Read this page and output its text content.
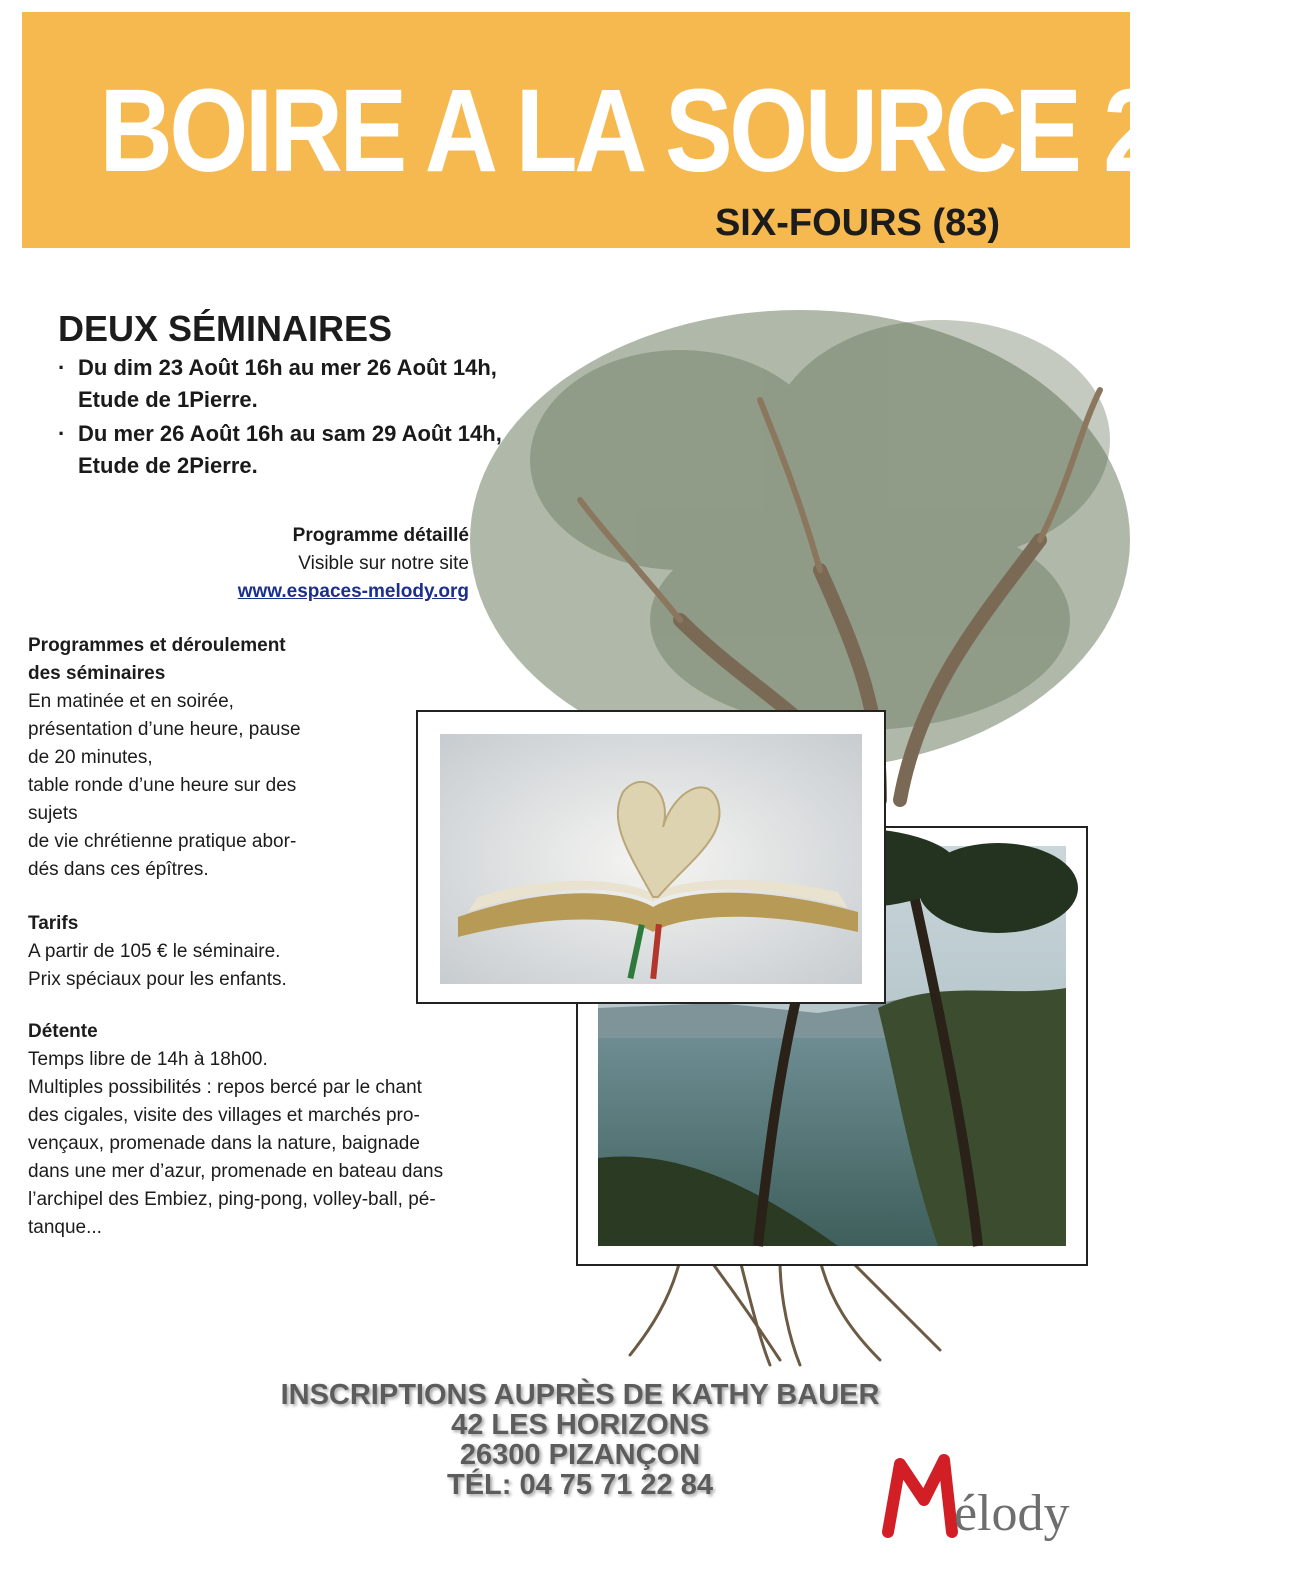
BOIRE A LA SOURCE 2015
SIX-FOURS (83)
DEUX SÉMINAIRES
· Du dim 23 Août 16h au mer 26 Août 14h,
Etude de 1Pierre.
· Du mer 26 Août 16h au sam 29 Août 14h,
Etude de 2Pierre.
Programme détaillé
Visible sur notre site
www.espaces-melody.org
Programmes et déroulement
des séminaires
En matinée et en soirée,
présentation d’une heure, pause
de 20 minutes,
table ronde d’une heure sur des
sujets
de vie chrétienne pratique abor-
dés dans ces épîtres.
Tarifs
A partir de 105 € le séminaire.
Prix spéciaux pour les enfants.
Détente
Temps libre de 14h à 18h00.
Multiples possibilités : repos bercé par le chant
des cigales, visite des villages et marchés pro-
vençaux, promenade dans la nature, baignade
dans une mer d’azur, promenade en bateau dans
l’archipel des Embiez, ping-pong, volley-ball, pé-
tanque...
INSCRIPTIONS AUPRÈS DE KATHY BAUER
42 LES HORIZONS
26300 PIZANÇON
TÉL: 04 75 71 22 84	élody
